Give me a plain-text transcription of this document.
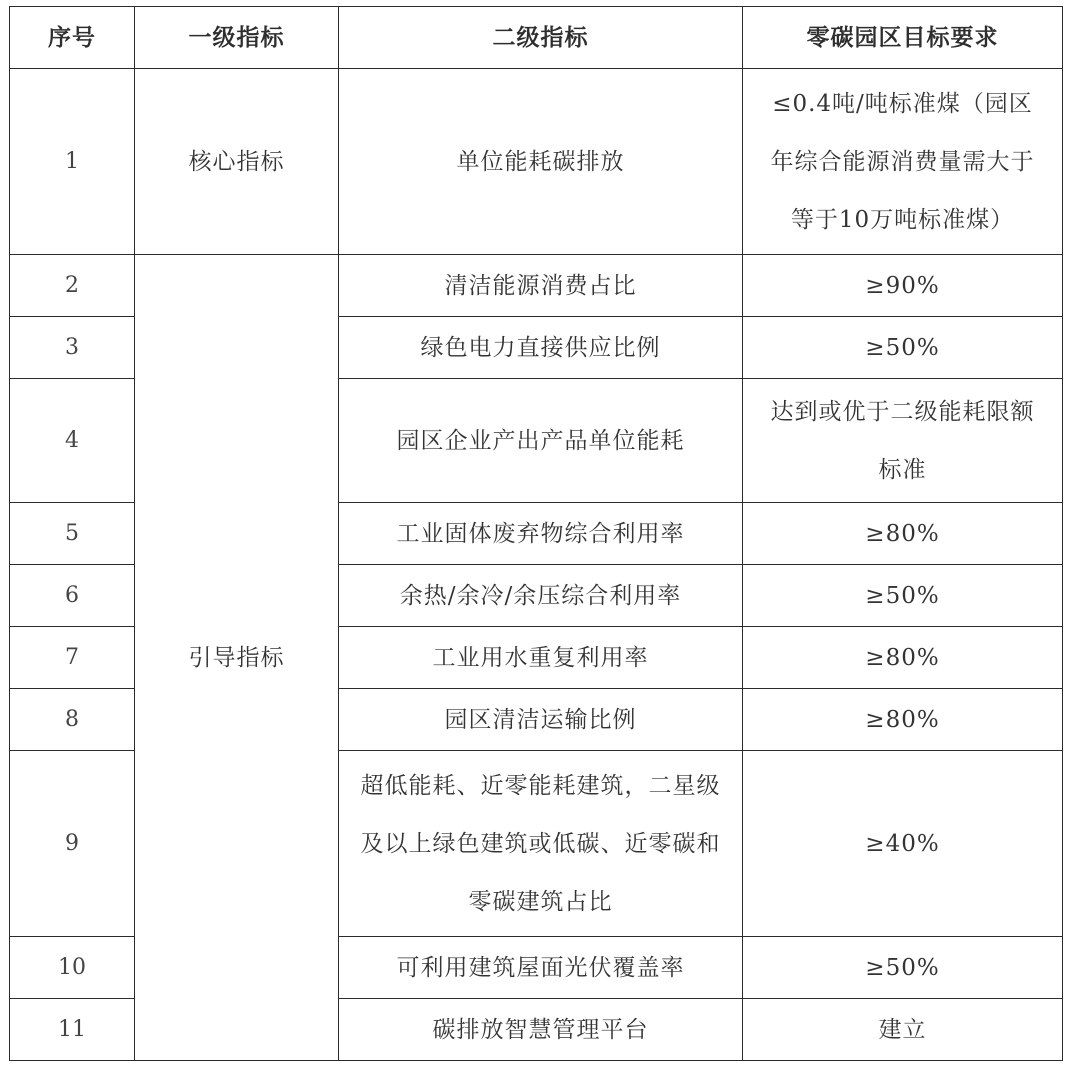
序号	一级指标	二级指标	零碳园区目标要求
1	核心指标	单位能耗碳排放	≤0.4吨/吨标准煤（园区年综合能源消费量需大于等于10万吨标准煤）
2	引导指标	清洁能源消费占比	≥90%
3		绿色电力直接供应比例	≥50%
4		园区企业产出产品单位能耗	达到或优于二级能耗限额标准
5		工业固体废弃物综合利用率	≥80%
6		余热/余冷/余压综合利用率	≥50%
7		工业用水重复利用率	≥80%
8		园区清洁运输比例	≥80%
9		超低能耗、近零能耗建筑，二星级及以上绿色建筑或低碳、近零碳和零碳建筑占比	≥40%
10		可利用建筑屋面光伏覆盖率	≥50%
11		碳排放智慧管理平台	建立
